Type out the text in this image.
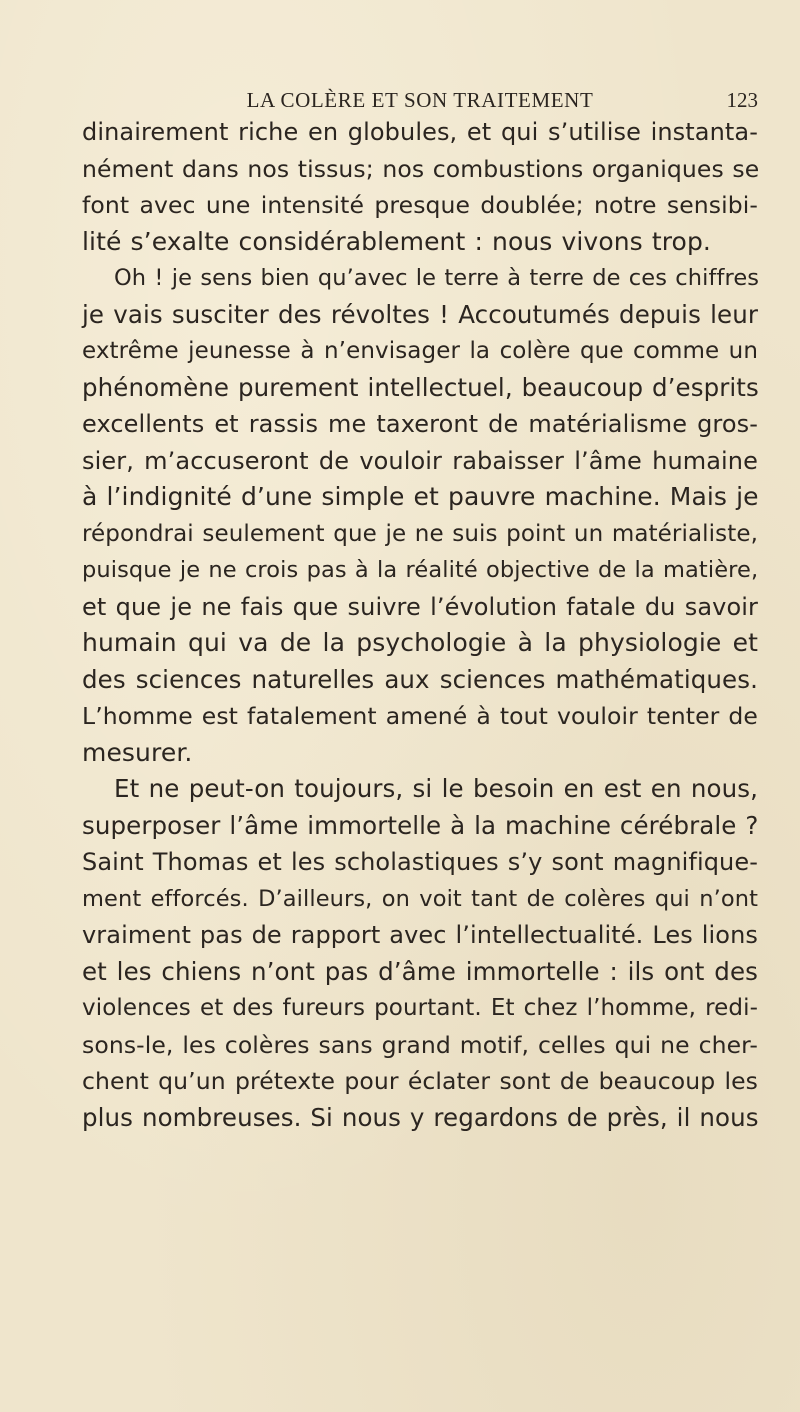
LA COLÈRE ET SON TRAITEMENT	123

dinairement riche en globules, et qui s’utilise instanta-
nément dans nos tissus; nos combustions organiques se
font avec une intensité presque doublée; notre sensibi-
lité s’exalte considérablement : nous vivons trop.

Oh ! je sens bien qu’avec le terre à terre de ces chiffres
je vais susciter des révoltes ! Accoutumés depuis leur
extrême jeunesse à n’envisager la colère que comme un
phénomène purement intellectuel, beaucoup d’esprits
excellents et rassis me taxeront de matérialisme gros-
sier, m’accuseront de vouloir rabaisser l’âme humaine
à l’indignité d’une simple et pauvre machine. Mais je
répondrai seulement que je ne suis point un matérialiste,
puisque je ne crois pas à la réalité objective de la matière,
et que je ne fais que suivre l’évolution fatale du savoir
humain qui va de la psychologie à la physiologie et
des sciences naturelles aux sciences mathématiques.
L’homme est fatalement amené à tout vouloir tenter de
mesurer.

Et ne peut-on toujours, si le besoin en est en nous,
superposer l’âme immortelle à la machine cérébrale ?
Saint Thomas et les scholastiques s’y sont magnifique-
ment efforcés. D’ailleurs, on voit tant de colères qui n’ont
vraiment pas de rapport avec l’intellectualité. Les lions
et les chiens n’ont pas d’âme immortelle : ils ont des
violences et des fureurs pourtant. Et chez l’homme, redi-
sons-le, les colères sans grand motif, celles qui ne cher-
chent qu’un prétexte pour éclater sont de beaucoup les
plus nombreuses. Si nous y regardons de près, il nous
